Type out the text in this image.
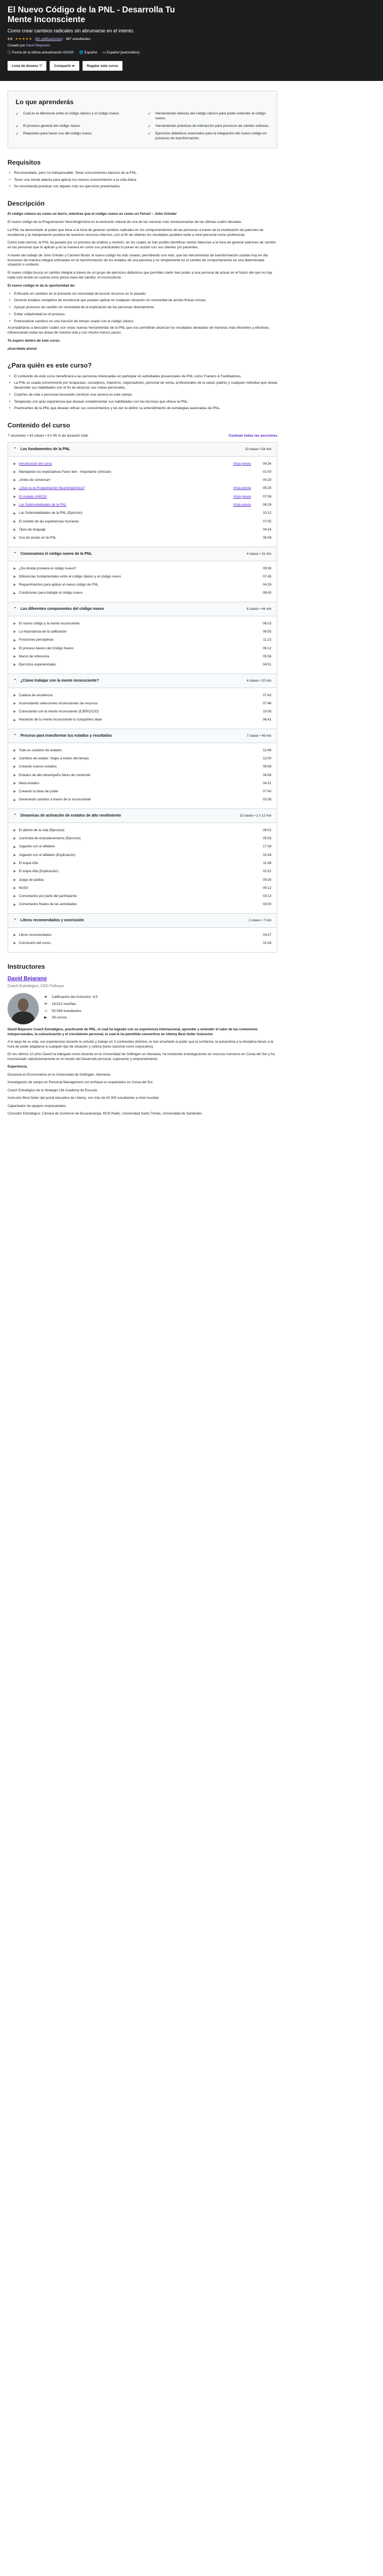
El Nuevo Código de la PNL - Desarrolla Tu Mente Inconsciente
Como crear cambios radicales sin abrumarse en el intento.
4,6 ★★★★★ (92 calificaciones) 487 estudiantes
Creado por David Bejarano
ⓘ Fecha de la última actualización 4/2020 🌐 Español ▭ Español [automático]
Lista de deseos ♡	Compartir ➦	Regalar este curso
Lo que aprenderás
✓	Cuál es la diferencia entre el código clásico y el código nuevo.	✓	Herramientas básicas del código clásico para poder entender el código nuevo.
✓	El proceso general del código nuevo.	✓	Herramientas prácticas de interacción para procesos de cambio exitosos.
✓	Requisitos para hacer uso del código nuevo.	✓	Ejercicios didácticos esenciales para la integración del nuevo código en procesos de transformación.
Requisitos
• Recomendado, pero no indispensable: Tener conocimientos básicos de la PNL.
• Tener una mente abierta para aplicar los nuevos conocimientos a la vida diaria.
• Se recomienda practicar con alguien más los ejercicios presentados.
Descripción

El código clásico es como un burro, mientras que el código nuevo es como un Ferrari – John Grinder

El nuevo código de la Programación Neurolingüística es la evolución natural de una de las ciencias más revolucionarias de las últimas cuatro décadas.

La PNL ha demostrado al poder que tiene a la hora de generar cambios radicales en los comportamientos de las personas a través de la modelación de patrones de excelencia y la manipulación positiva de nuestros recursos internos, con el fin de obtener los resultados posibles tanto a nivel personal como profesional.

Como toda ciencia, la PNL ha pasado por un proceso de análisis y revisión, en los cuales se han podido identificar ciertas falencias a la hora de generar patrones de cambio en las personas que lo aplican y en la manera en como sus practicantes lo ponen en acción con sus clientes y/o pacientes.

A través del trabajo de John Grinder y Carmen Bostic el nuevo código ha sido creado, permitiendo con esto, que las herramientas de transformación usadas hoy en día funcionen de manera integral enfocadas en la transformación de los estados de una persona y no simplemente en el cambio de comportamiento en una determinada situación o contexto.

El nuevo código busca un cambio integral a través de un grupo de ejercicios didácticos que permiten darte más poder a una persona de actuar en el futuro del que no hay nada solo tenido en cuenta como pieza clave del cambio: el inconsciente.

El nuevo código te da la oportunidad de:

• Enfocarte en cambios en el presente sin necesidad de buscar recursos en tu pasado.
• Generar estados completos de excelencia que puedes aplicar en cualquier situación sin necesidad de anclas físicas únicas.
• Apoyar procesos de cambio sin necesidad de la implicación de las personas directamente.
• Evitar subjetividad en el proceso.
• Potencializar cambios en una fracción de tiempo usado con el código clásico.

Acompáñanos a descubrir cuáles son estas nuevas herramientas de la PNL que nos permitirán alcanzar los resultados deseados de maneras más eficientes y efectivas, influenciando todas las áreas de nuestra vida y con mucho menos pasos.

Te espero dentro de este curso.

¡Inscríbete ahora!

¿Para quién es este curso?
• El contenido de este curso beneficiará a las personas interesadas en participar en actividades presenciales de PNL como Trainers & Facilitadores.
• La PNL es usada comúnmente por terapeutas, consejeros, maestros, negociadores, personal de venta, profesionales de la salud, padres y cualquier individuo que desea desarrollar sus habilidades con el fin de alcanzar sus metas personales.
• Coaches de vida o personas buscando construir una carrera en este campo.
• Terapeutas con gran experiencia que desean complementar sus habilidades con las técnicas que ofrece la PNL.
• Practicantes de la PNL que desean refinar sus conocimientos y tal vez re-definir su entendimiento de estrategias avanzadas de PNL.
Contenido del curso
7 secciones • 43 clases • 4 h 45 m de duración total	Contraer todas las secciones
⌃ Los fundamentos de la PNL	10 clases • 54 min
▶ Introducción del curso	Vista previa	04:34
▶ Manejando tus expectativas Favor leer - Importante (Artículo)	01:00
▶ ¡Antes de comenzar!	00:20
▶ ¿Qué es la Programación Neurolingüística?	Vista previa	05:25
▶ El modelo VAKOG	Vista previa	07:06
▶ Las Submodalidades de la PNL	Vista previa	06:29
▶ Las Submodalidades de la PNL (Ejercicio)	10:12
▶ El modelo de las experiencias humanas	07:05
▶ Tipos de lenguaje	04:24
▶ Uso de anclas en la PNL	06:49
⌃ Conozcamos el código nuevo de la PNL	4 clases • 31 min
▶ ¿De donde proviene el código nuevo?	09:38
▶ Diferencias fundamentales entre el código clásico y el código nuevo	07:45
▶ Requerimientos para aplicar el nuevo código de PNL	04:26
▶ Condiciones para trabajar el código nuevo	08:43
⌃ Los diferentes componentes del código nuevo	6 clases • 44 min
▶ El nuevo código y la mente inconsciente	06:03
▶ La importancia de la calibración	06:55
▶ Posiciones perceptivas	11:22
▶ El proceso básico del Código Nuevo	06:12
▶ Marco de referencia	05:56
▶ Ejercicios experienciales	04:51
⌃ ¿Cómo trabajar con la mente inconsciente?	4 clases • 32 min
▶ Cadena de excelencia	07:42
▶ Acomodando selecciones inconscientes de recursos	07:46
▶ Conectando con la mente inconsciente (EJERCICIO)	10:08
▶ Haciendo de tu mente inconsciente tu compañero ideal	06:41
⌃ Proceso para transformar tus estados y resultados	7 clases • 49 min
▶ Todo es cuestión de estados	12:48
▶ Cambios de estado: Viajes a través del tiempo	12:00
▶ Creando nuevos estados	09:58
▶ Estados de alto desempeño libres de contenido	06:56
▶ Meta estados	04:31
▶ Creando tu base de poder	07:40
▶ Generando cambios a través de tu inconsciente	02:38
⌃ Dinamicas de activación de estados de alto rendimiento	10 clases • 1 h 12 min
▶ El aliento de la vida (Ejercicio)	06:52
▶ Caminata de empoderamiento (Ejercicio)	05:53
▶ Jugando con el alfabeto	17:39
▶ Jugando con el alfabeto (Explicación)	02:44
▶ El toque Aifa	11:49
▶ El toque Aifa (Explicación)	02:51
▶ Juego de patitas	09:30
▶ NASA	09:12
▶ Comentarios por parte del participante	03:13
▶ Comentarios finales de las actividades	03:00
⌃ Libros recomendados y conclusión	2 clases • 7 min
▶ Libros recomendados	04:27
▶ Conclusión del curso.	02:26
Instructores
David Bejarano
Coach Estratégico, CEO Fullsayo
★	Calificación del instructor: 4,5
✉	16.512 reseñas
☺ 50.569 estudiantes
▶	28 cursos

David Bejarano Coach Estratégico, practicante de PNL, el cual ha logrado con su experiencia internacional, aprender y entender el valor de las conexiones interpersonales, la comunicación y el crecimiento personal, lo cual le ha permitido convertirse en Udemy Best-Seller Instructor.

A lo largo de su vida, sus experiencias durante su estudio y trabajo en 3 continentes distintos, le han enseñado el poder que la confianza, la autoestima y la disciplina tienen a la hora de poder adaptarse a cualquier tipo de situación y cultura (tanto nacional como corporativo).

En los últimos 10 años David ha trabajado como docente en la Universidad de Göttingen en Alemania, ha conducido investigaciones en recursos humanos en Corea del Sur y ha incursionado satisfactoriamente en el mundo del Desarrollo personal, superación y emprendimiento.

Experiencia.

Docencia en Econometría en la Universidad de Göttingen, Alemania.

Investigación de campo en Personal Management con enfoque en expatriados en Corea del Sur.

Coach Estratégico de la Strategic Life Academy de Escocia.

Instructor Best-Seller del portal educativo de Udemy. con más de 42.000 estudiantes a nivel mundial.

Capacitador de equipos empresariales.

Consultor Estratégico: Cámara de Comercio de Bucaramanga, RCN Radio, Universidad Santo Tomás, Universidad de Santander.
